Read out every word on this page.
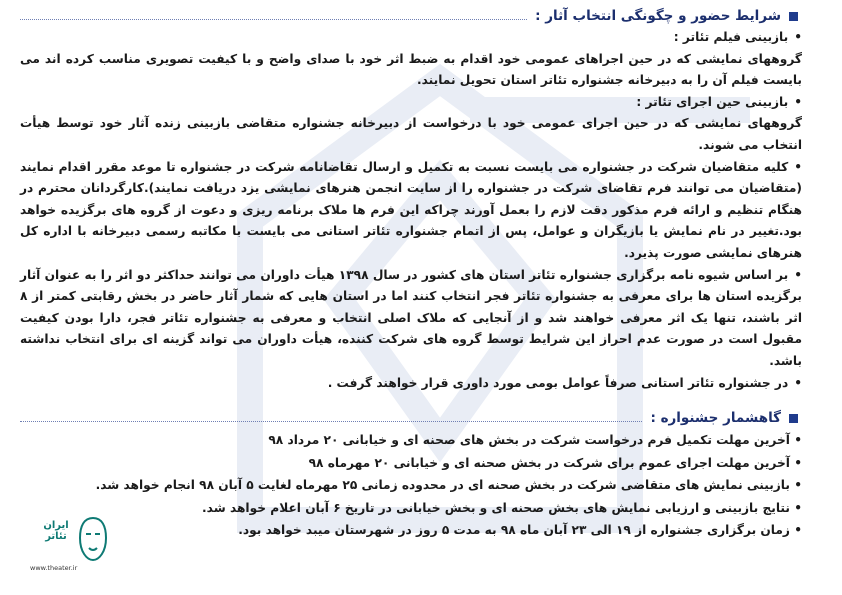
شرایط حضور و چگونگی انتخاب آثار :

•بازبینی فیلم تئاتر :

گروههای نمایشی که در حین اجراهای عمومی خود اقدام به ضبط اثر خود با صدای واضح و با کیفیت تصویری مناسب کرده اند می بایست فیلم آن را به دبیرخانه جشنواره تئاتر استان تحویل نمایند.

•بازبینی حین اجرای تئاتر :

گروههای نمایشی که در حین اجرای عمومی خود با درخواست از دبیرخانه جشنواره متقاضی بازبینی زنده آثار خود توسط هیأت انتخاب می شوند.

•کلیه متقاضیان شرکت در جشنواره می بایست نسبت به تکمیل و ارسال تقاضانامه شرکت در جشنواره تا موعد مقرر اقدام نمایند (متقاضیان می توانند فرم تقاضای شرکت در جشنواره را از سایت انجمن هنرهای نمایشی یزد دریافت نمایند).کارگردانان محترم در هنگام تنظیم و ارائه فرم مذکور دقت لازم را بعمل آورند چراکه این فرم ها ملاک برنامه ریزی و دعوت از گروه های برگزیده خواهد بود.تغییر در نام نمایش یا بازیگران و عوامل، پس از اتمام جشنواره تئاتر استانی می بایست با مکاتبه رسمی دبیرخانه با اداره کل هنرهای نمایشی صورت پذیرد.

•بر اساس شیوه نامه برگزاری جشنواره تئاتر استان های کشور در سال ۱۳۹۸ هیأت داوران می توانند حداکثر دو اثر را به عنوان آثار برگزیده استان ها برای معرفی به جشنواره تئاتر فجر انتخاب کنند اما در استان هایی که شمار آثار حاضر در بخش رقابتی کمتر از ۸ اثر باشند، تنها یک اثر معرفی خواهند شد و از آنجایی که ملاک اصلی انتخاب و معرفی به جشنواره تئاتر فجر، دارا بودن کیفیت مقبول است در صورت عدم احراز این شرایط توسط گروه های شرکت کننده، هیأت داوران می تواند گزینه ای برای انتخاب نداشته باشد.

•در جشنواره تئاتر استانی صرفاً عوامل بومی مورد داوری قرار خواهند گرفت .

گاهشمار جشنواره :
• آخرین مهلت تکمیل فرم درخواست شرکت در بخش های صحنه ای و خیابانی ۲۰ مرداد ۹۸
• آخرین مهلت اجرای عموم برای شرکت در بخش صحنه ای و خیابانی ۲۰ مهرماه ۹۸
• بازبینی نمایش های متقاضی شرکت در بخش صحنه ای در محدوده زمانی ۲۵ مهرماه لغایت ۵ آبان ۹۸ انجام خواهد شد.
• نتایج بازبینی و ارزیابی نمایش های بخش صحنه ای و بخش خیابانی در تاریخ ۶ آبان اعلام خواهد شد.
• زمان برگزاری جشنواره از ۱۹ الی ۲۳ آبان ماه ۹۸ به مدت ۵ روز در شهرستان میبد خواهد بود.
ایران تئاتر
www.theater.ir
